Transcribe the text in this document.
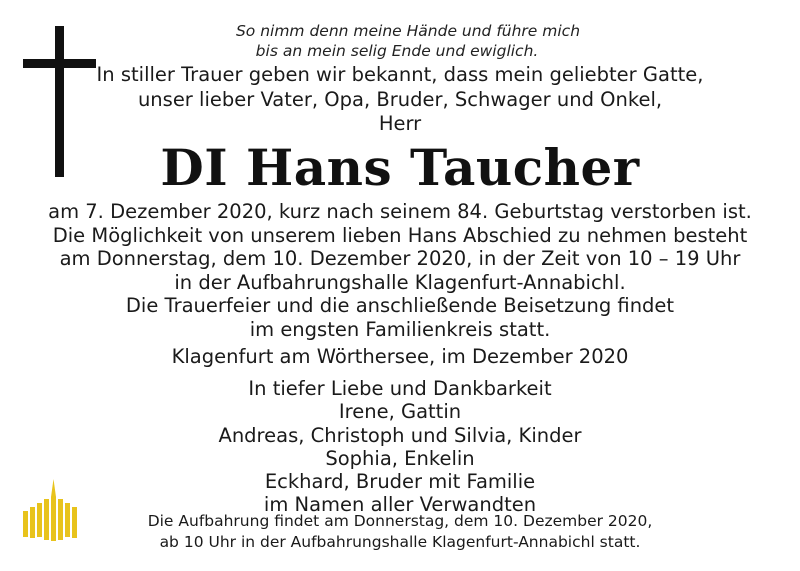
So nimm denn meine Hände und führe mich
bis an mein selig Ende und ewiglich.
In stiller Trauer geben wir bekannt, dass mein geliebter Gatte,
unser lieber Vater, Opa, Bruder, Schwager und Onkel,
Herr
DI Hans Taucher
am 7. Dezember 2020, kurz nach seinem 84. Geburtstag verstorben ist.
Die Möglichkeit von unserem lieben Hans Abschied zu nehmen besteht
am Donnerstag, dem 10. Dezember 2020, in der Zeit von 10 – 19 Uhr
in der Aufbahrungshalle Klagenfurt-Annabichl.
Die Trauerfeier und die anschließende Beisetzung findet
im engsten Familienkreis statt.
Klagenfurt am Wörthersee, im Dezember 2020
In tiefer Liebe und Dankbarkeit
Irene, Gattin
Andreas, Christoph und Silvia, Kinder
Sophia, Enkelin
Eckhard, Bruder mit Familie
im Namen aller Verwandten
Die Aufbahrung findet am Donnerstag, dem 10. Dezember 2020,
ab 10 Uhr in der Aufbahrungshalle Klagenfurt-Annabichl statt.
